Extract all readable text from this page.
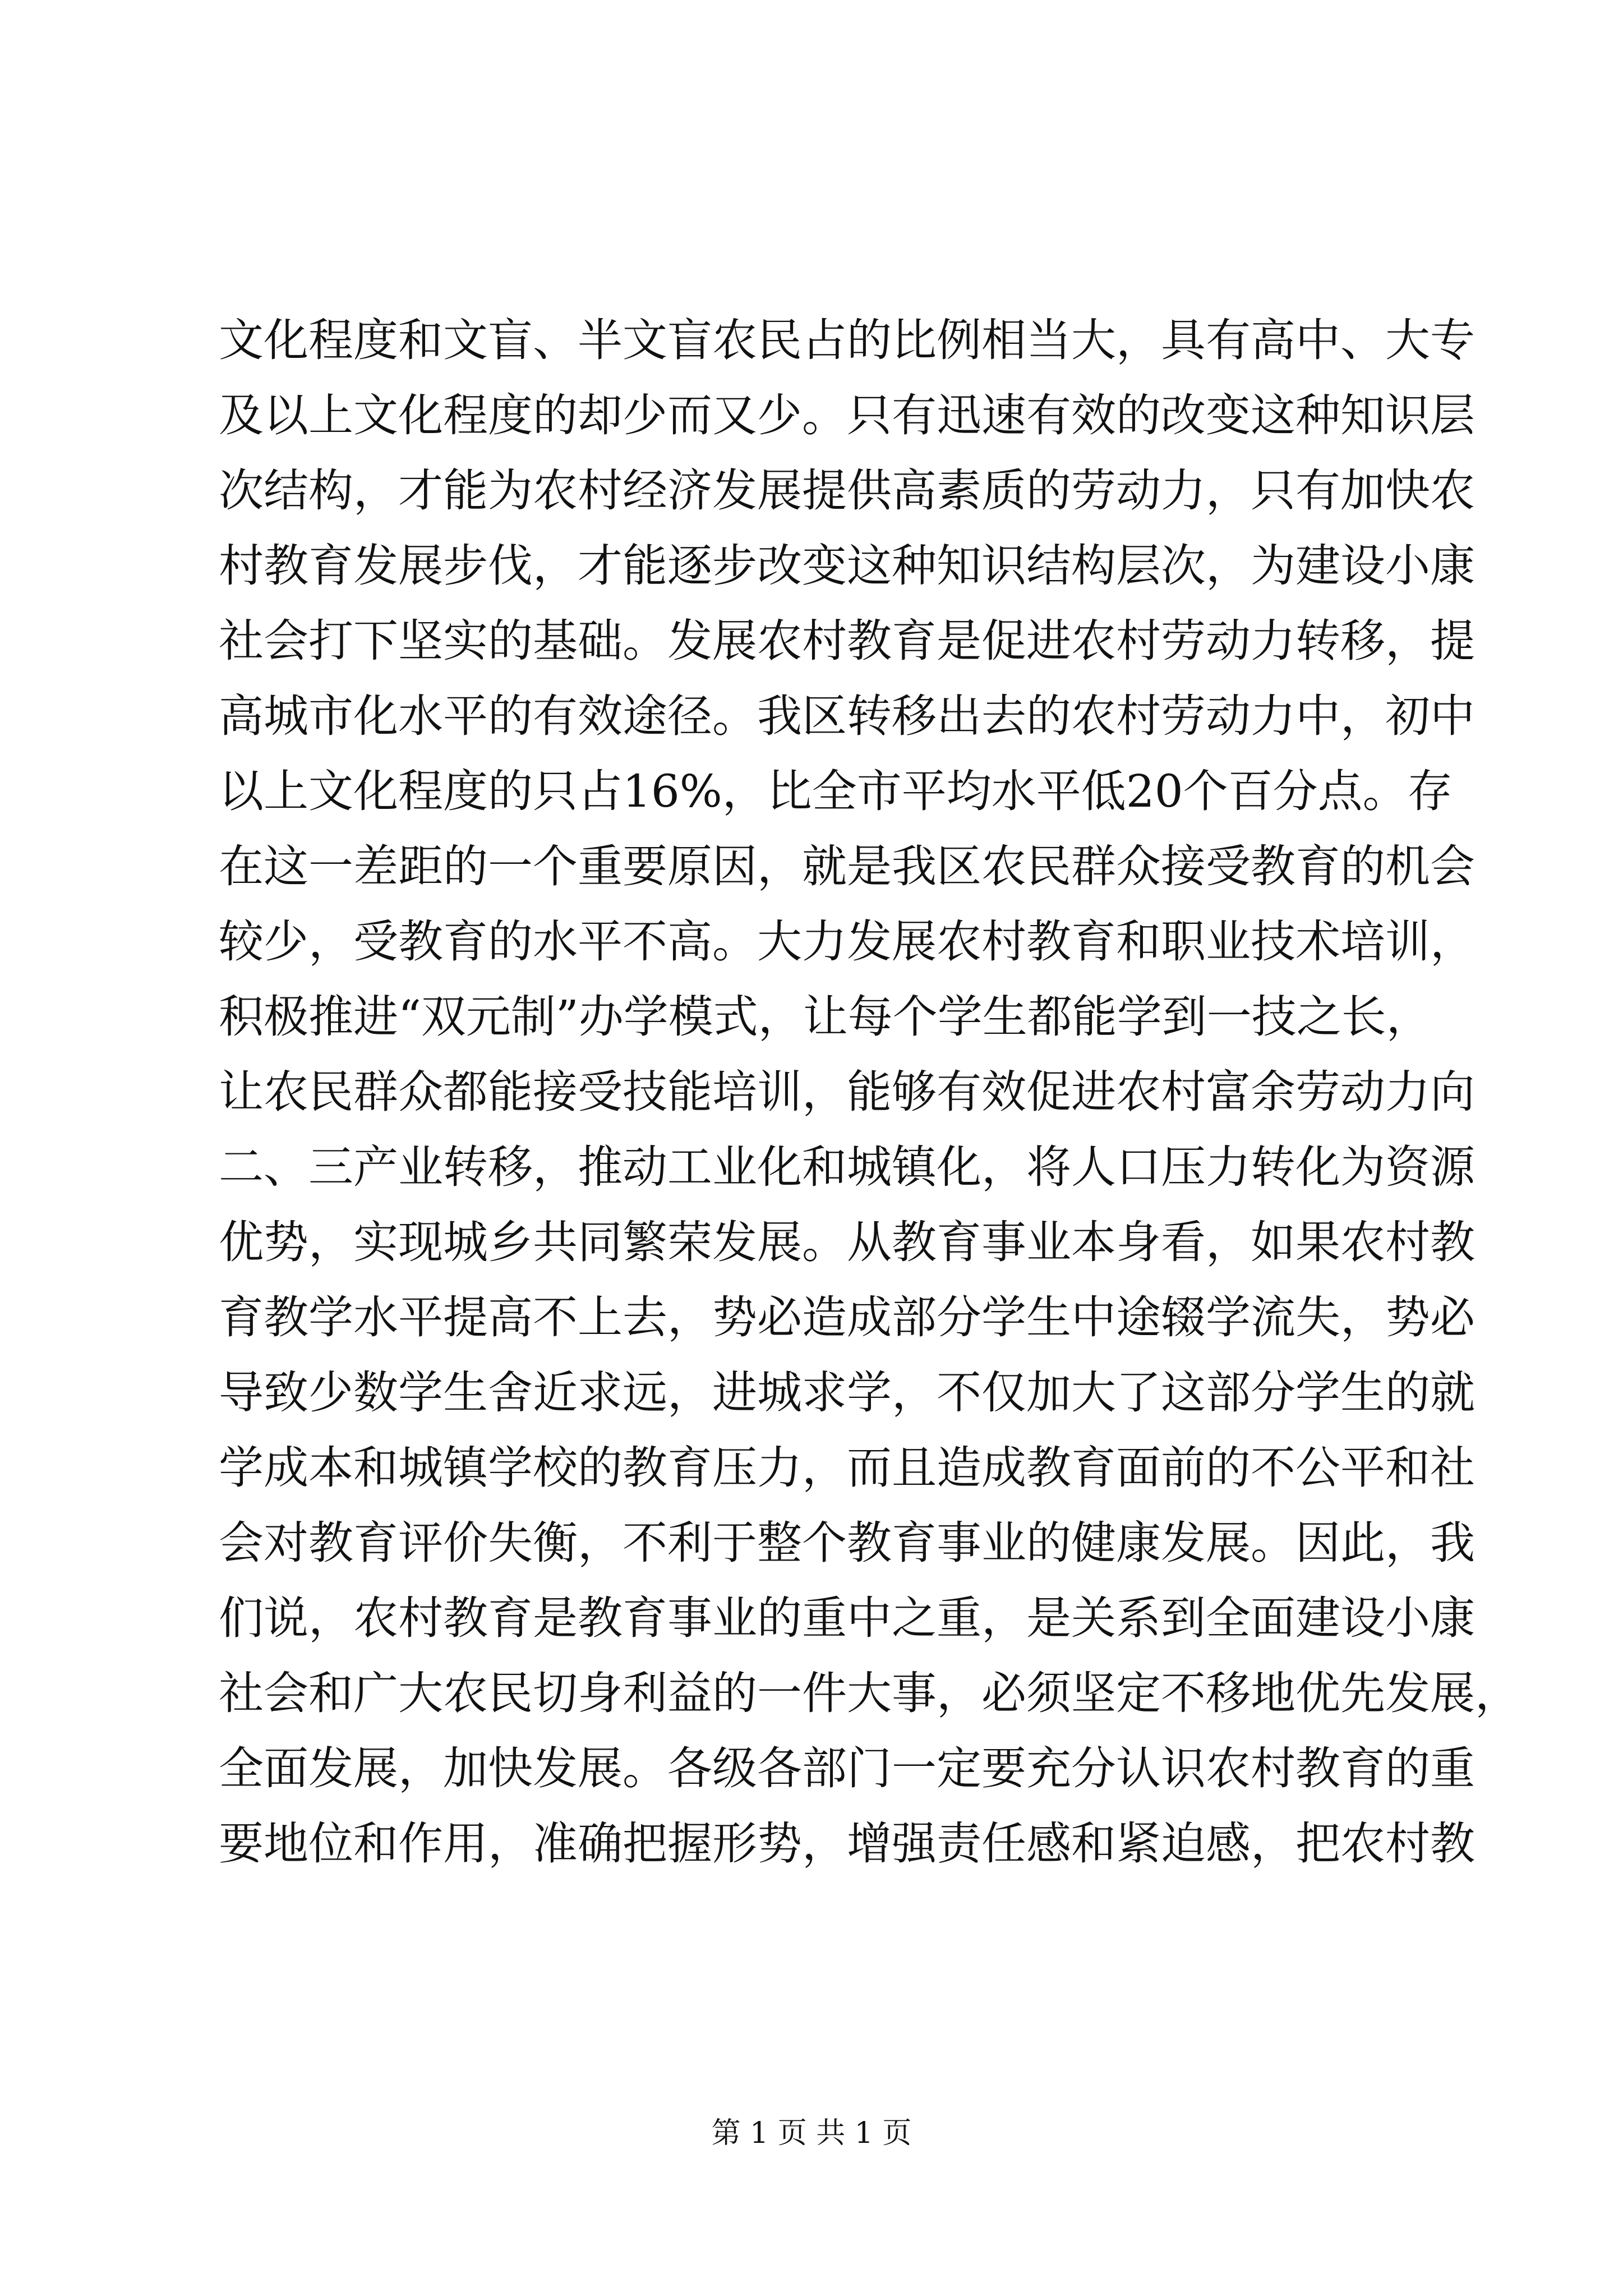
文化程度和文盲、半文盲农民占的比例相当大，具有高中、大专
及以上文化程度的却少而又少。只有迅速有效的改变这种知识层
次结构，才能为农村经济发展提供高素质的劳动力，只有加快农
村教育发展步伐，才能逐步改变这种知识结构层次，为建设小康
社会打下坚实的基础。发展农村教育是促进农村劳动力转移，提
高城市化水平的有效途径。我区转移出去的农村劳动力中，初中
以上文化程度的只占16%，比全市平均水平低20个百分点。存
在这一差距的一个重要原因，就是我区农民群众接受教育的机会
较少，受教育的水平不高。大力发展农村教育和职业技术培训，
积极推进“双元制”办学模式，让每个学生都能学到一技之长，
让农民群众都能接受技能培训，能够有效促进农村富余劳动力向
二、三产业转移，推动工业化和城镇化，将人口压力转化为资源
优势，实现城乡共同繁荣发展。从教育事业本身看，如果农村教
育教学水平提高不上去，势必造成部分学生中途辍学流失，势必
导致少数学生舍近求远，进城求学，不仅加大了这部分学生的就
学成本和城镇学校的教育压力，而且造成教育面前的不公平和社
会对教育评价失衡，不利于整个教育事业的健康发展。因此，我
们说，农村教育是教育事业的重中之重，是关系到全面建设小康
社会和广大农民切身利益的一件大事，必须坚定不移地优先发展，
全面发展，加快发展。各级各部门一定要充分认识农村教育的重
要地位和作用，准确把握形势，增强责任感和紧迫感，把农村教
第 1 页 共 1 页
